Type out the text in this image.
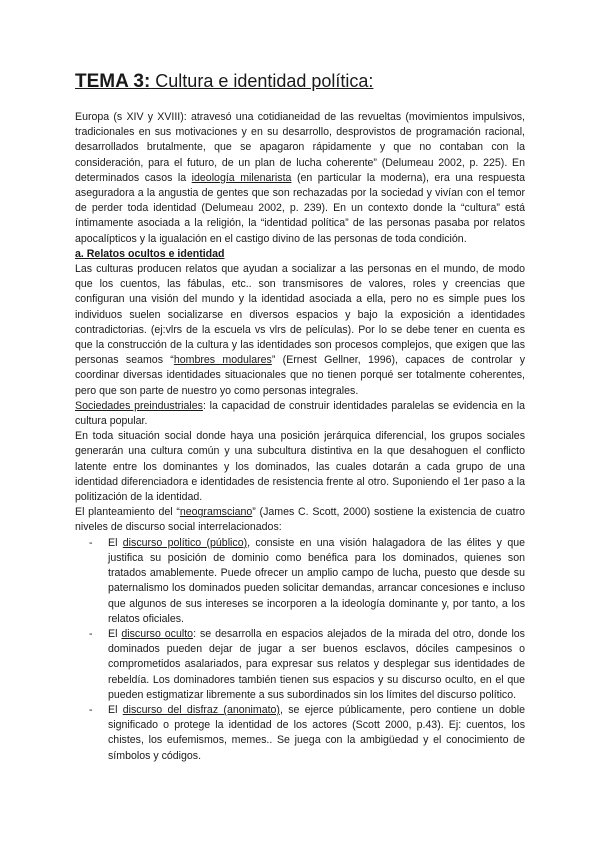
TEMA 3: Cultura e identidad política:

Europa (s XIV y XVIII): atravesó una cotidianeidad de las revueltas (movimientos impulsivos, tradicionales en sus motivaciones y en su desarrollo, desprovistos de programación racional, desarrollados brutalmente, que se apagaron rápidamente y que no contaban con la consideración, para el futuro, de un plan de lucha coherente” (Delumeau 2002, p. 225). En determinados casos la ideología milenarista (en particular la moderna), era una respuesta aseguradora a la angustia de gentes que son rechazadas por la sociedad y vivían con el temor de perder toda identidad (Delumeau 2002, p. 239). En un contexto donde la “cultura” está íntimamente asociada a la religión, la “identidad política” de las personas pasaba por relatos apocalípticos y la igualación en el castigo divino de las personas de toda condición.

a. Relatos ocultos e identidad

Las culturas producen relatos que ayudan a socializar a las personas en el mundo, de modo que los cuentos, las fábulas, etc.. son transmisores de valores, roles y creencias que configuran una visión del mundo y la identidad asociada a ella, pero no es simple pues los individuos suelen socializarse en diversos espacios y bajo la exposición a identidades contradictorias. (ej:vlrs de la escuela vs vlrs de películas). Por lo se debe tener en cuenta es que la construcción de la cultura y las identidades son procesos complejos, que exigen que las personas seamos “hombres modulares” (Ernest Gellner, 1996), capaces de controlar y coordinar diversas identidades situacionales que no tienen porqué ser totalmente coherentes, pero que son parte de nuestro yo como personas integrales.

Sociedades preindustriales: la capacidad de construir identidades paralelas se evidencia en la cultura popular.

En toda situación social donde haya una posición jerárquica diferencial, los grupos sociales generarán una cultura común y una subcultura distintiva en la que desahoguen el conflicto latente entre los dominantes y los dominados, las cuales dotarán a cada grupo de una identidad diferenciadora e identidades de resistencia frente al otro. Suponiendo el 1er paso a la politización de la identidad.

El planteamiento del “neogramsciano” (James C. Scott, 2000) sostiene la existencia de cuatro niveles de discurso social interrelacionados:

- El discurso político (público), consiste en una visión halagadora de las élites y que justifica su posición de dominio como benéfica para los dominados, quienes son tratados amablemente. Puede ofrecer un amplio campo de lucha, puesto que desde su paternalismo los dominados pueden solicitar demandas, arrancar concesiones e incluso que algunos de sus intereses se incorporen a la ideología dominante y, por tanto, a los relatos oficiales.
- El discurso oculto: se desarrolla en espacios alejados de la mirada del otro, donde los dominados pueden dejar de jugar a ser buenos esclavos, dóciles campesinos o comprometidos asalariados, para expresar sus relatos y desplegar sus identidades de rebeldía. Los dominadores también tienen sus espacios y su discurso oculto, en el que pueden estigmatizar libremente a sus subordinados sin los límites del discurso político.
- El discurso del disfraz (anonimato), se ejerce públicamente, pero contiene un doble significado o protege la identidad de los actores (Scott 2000, p.43). Ej: cuentos, los chistes, los eufemismos, memes.. Se juega con la ambigüedad y el conocimiento de símbolos y códigos.
